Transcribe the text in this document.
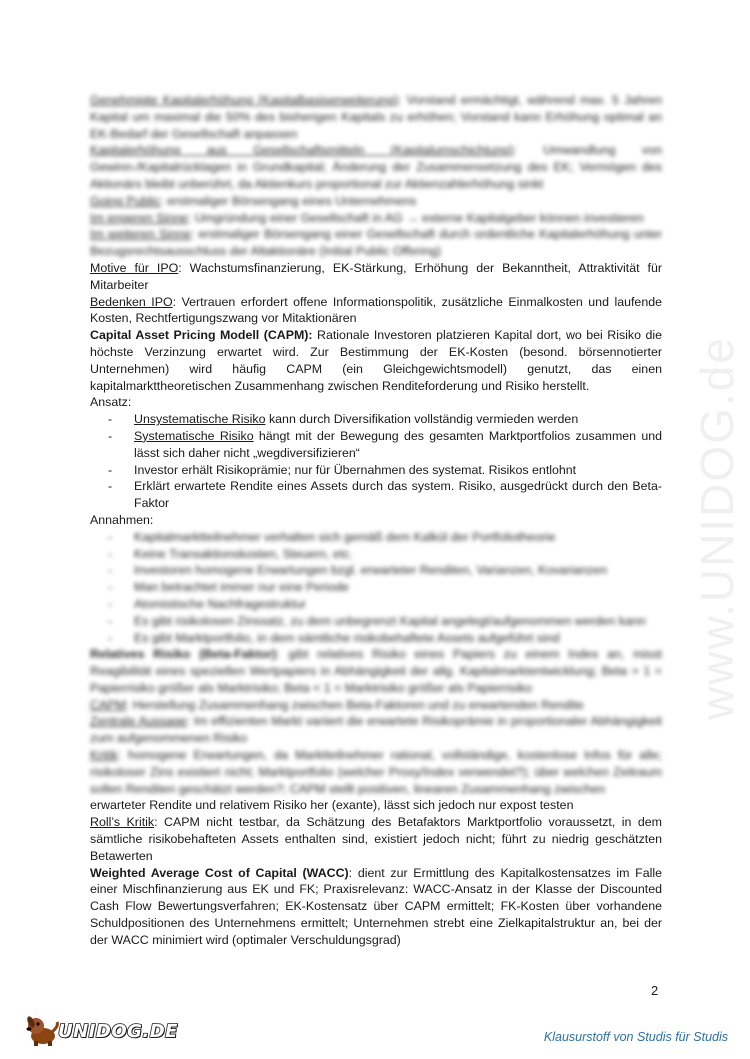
www.UNIDOG.de

Genehmigte Kapitalerhöhung (Kapitalbasiserweiterung): Vorstand ermächtigt, während max. 5 Jahren Kapital um maximal die 50% des bisherigen Kapitals zu erhöhen; Vorstand kann Erhöhung optimal an EK-Bedarf der Gesellschaft anpassen

Kapitalerhöhung aus Gesellschaftsmitteln (Kapitalumschichtung): Umwandlung von Gewinn-/Kapitalrücklagen in Grundkapital; Änderung der Zusammensetzung des EK; Vermögen des Aktionärs bleibt unberührt, da Aktienkurs proportional zur Aktienzahlerhöhung sinkt

Going Public: erstmaliger Börsengang eines Unternehmens

Im engeren Sinne: Umgründung einer Gesellschaft in AG → externe Kapitalgeber können investieren

Im weiteren Sinne: erstmaliger Börsengang einer Gesellschaft durch ordentliche Kapitalerhöhung unter Bezugsrechtsausschluss der Altaktionäre (Initial Public Offering)

Motive für IPO: Wachstumsfinanzierung, EK-Stärkung, Erhöhung der Bekanntheit, Attraktivität für Mitarbeiter

Bedenken IPO: Vertrauen erfordert offene Informationspolitik, zusätzliche Einmalkosten und laufende Kosten, Rechtfertigungszwang vor Mitaktionären

Capital Asset Pricing Modell (CAPM): Rationale Investoren platzieren Kapital dort, wo bei Risiko die höchste Verzinzung erwartet wird. Zur Bestimmung der EK-Kosten (besond. börsennotierter Unternehmen) wird häufig CAPM (ein Gleichgewichtsmodell) genutzt, das einen kapitalmarkttheoretischen Zusammenhang zwischen Renditeforderung und Risiko herstellt.

Ansatz:

- Unsystematische Risiko kann durch Diversifikation vollständig vermieden werden
- Systematische Risiko hängt mit der Bewegung des gesamten Marktportfolios zusammen und lässt sich daher nicht „wegdiversifizieren“
- Investor erhält Risikoprämie; nur für Übernahmen des systemat. Risikos entlohnt
- Erklärt erwartete Rendite eines Assets durch das system. Risiko, ausgedrückt durch den Beta-Faktor

Annahmen:

- Kapitalmarktteilnehmer verhalten sich gemäß dem Kalkül der Portfoliotheorie
- Keine Transaktionskosten, Steuern, etc.
- Investoren homogene Erwartungen bzgl. erwarteter Renditen, Varianzen, Kovarianzen
- Man betrachtet immer nur eine Periode
- Atomistische Nachfragestruktur
- Es gibt risikolosen Zinssatz, zu dem unbegrenzt Kapital angelegt/aufgenommen werden kann
- Es gibt Marktportfolio, in dem sämtliche risikobehaftete Assets aufgeführt sind

Relatives Risiko (Beta-Faktor): gibt relatives Risiko eines Papiers zu einem Index an, misst Reagibilität eines speziellen Wertpapiers in Abhängigkeit der allg. Kapitalmarktentwicklung; Beta > 1 = Papierrisiko größer als Marktrisiko; Beta < 1 = Marktrisiko größer als Papierrisiko

CAPM: Herstellung Zusammenhang zwischen Beta-Faktoren und zu erwartenden Rendite

Zentrale Aussage: Im effizienten Markt variiert die erwartete Risikoprämie in proportionaler Abhängigkeit zum aufgenommenen Risiko

Kritik: homogene Erwartungen, da Marktteilnehmer rational, vollständige, kostenlose Infos für alle; risikoloser Zins existiert nicht; Marktportfolio (welcher Proxy/Index verwendet?); über welchen Zeitraum sollen Renditen geschätzt werden?; CAPM stellt positiven, linearen Zusammenhang zwischen

erwarteter Rendite und relativem Risiko her (exante), lässt sich jedoch nur expost testen

Roll’s Kritik: CAPM nicht testbar, da Schätzung des Betafaktors Marktportfolio voraussetzt, in dem sämtliche risikobehafteten Assets enthalten sind, existiert jedoch nicht; führt zu niedrig geschätzten Betawerten

Weighted Average Cost of Capital (WACC): dient zur Ermittlung des Kapitalkostensatzes im Falle einer Mischfinanzierung aus EK und FK; Praxisrelevanz: WACC-Ansatz in der Klasse der Discounted Cash Flow Bewertungsverfahren; EK-Kostensatz über CAPM ermittelt; FK-Kosten über vorhandene Schuldpositionen des Unternehmens ermittelt; Unternehmen strebt eine Zielkapitalstruktur an, bei der der WACC minimiert wird (optimaler Verschuldungsgrad)

2
UNIDOG.DE	Klausurstoff von Studis für Studis
